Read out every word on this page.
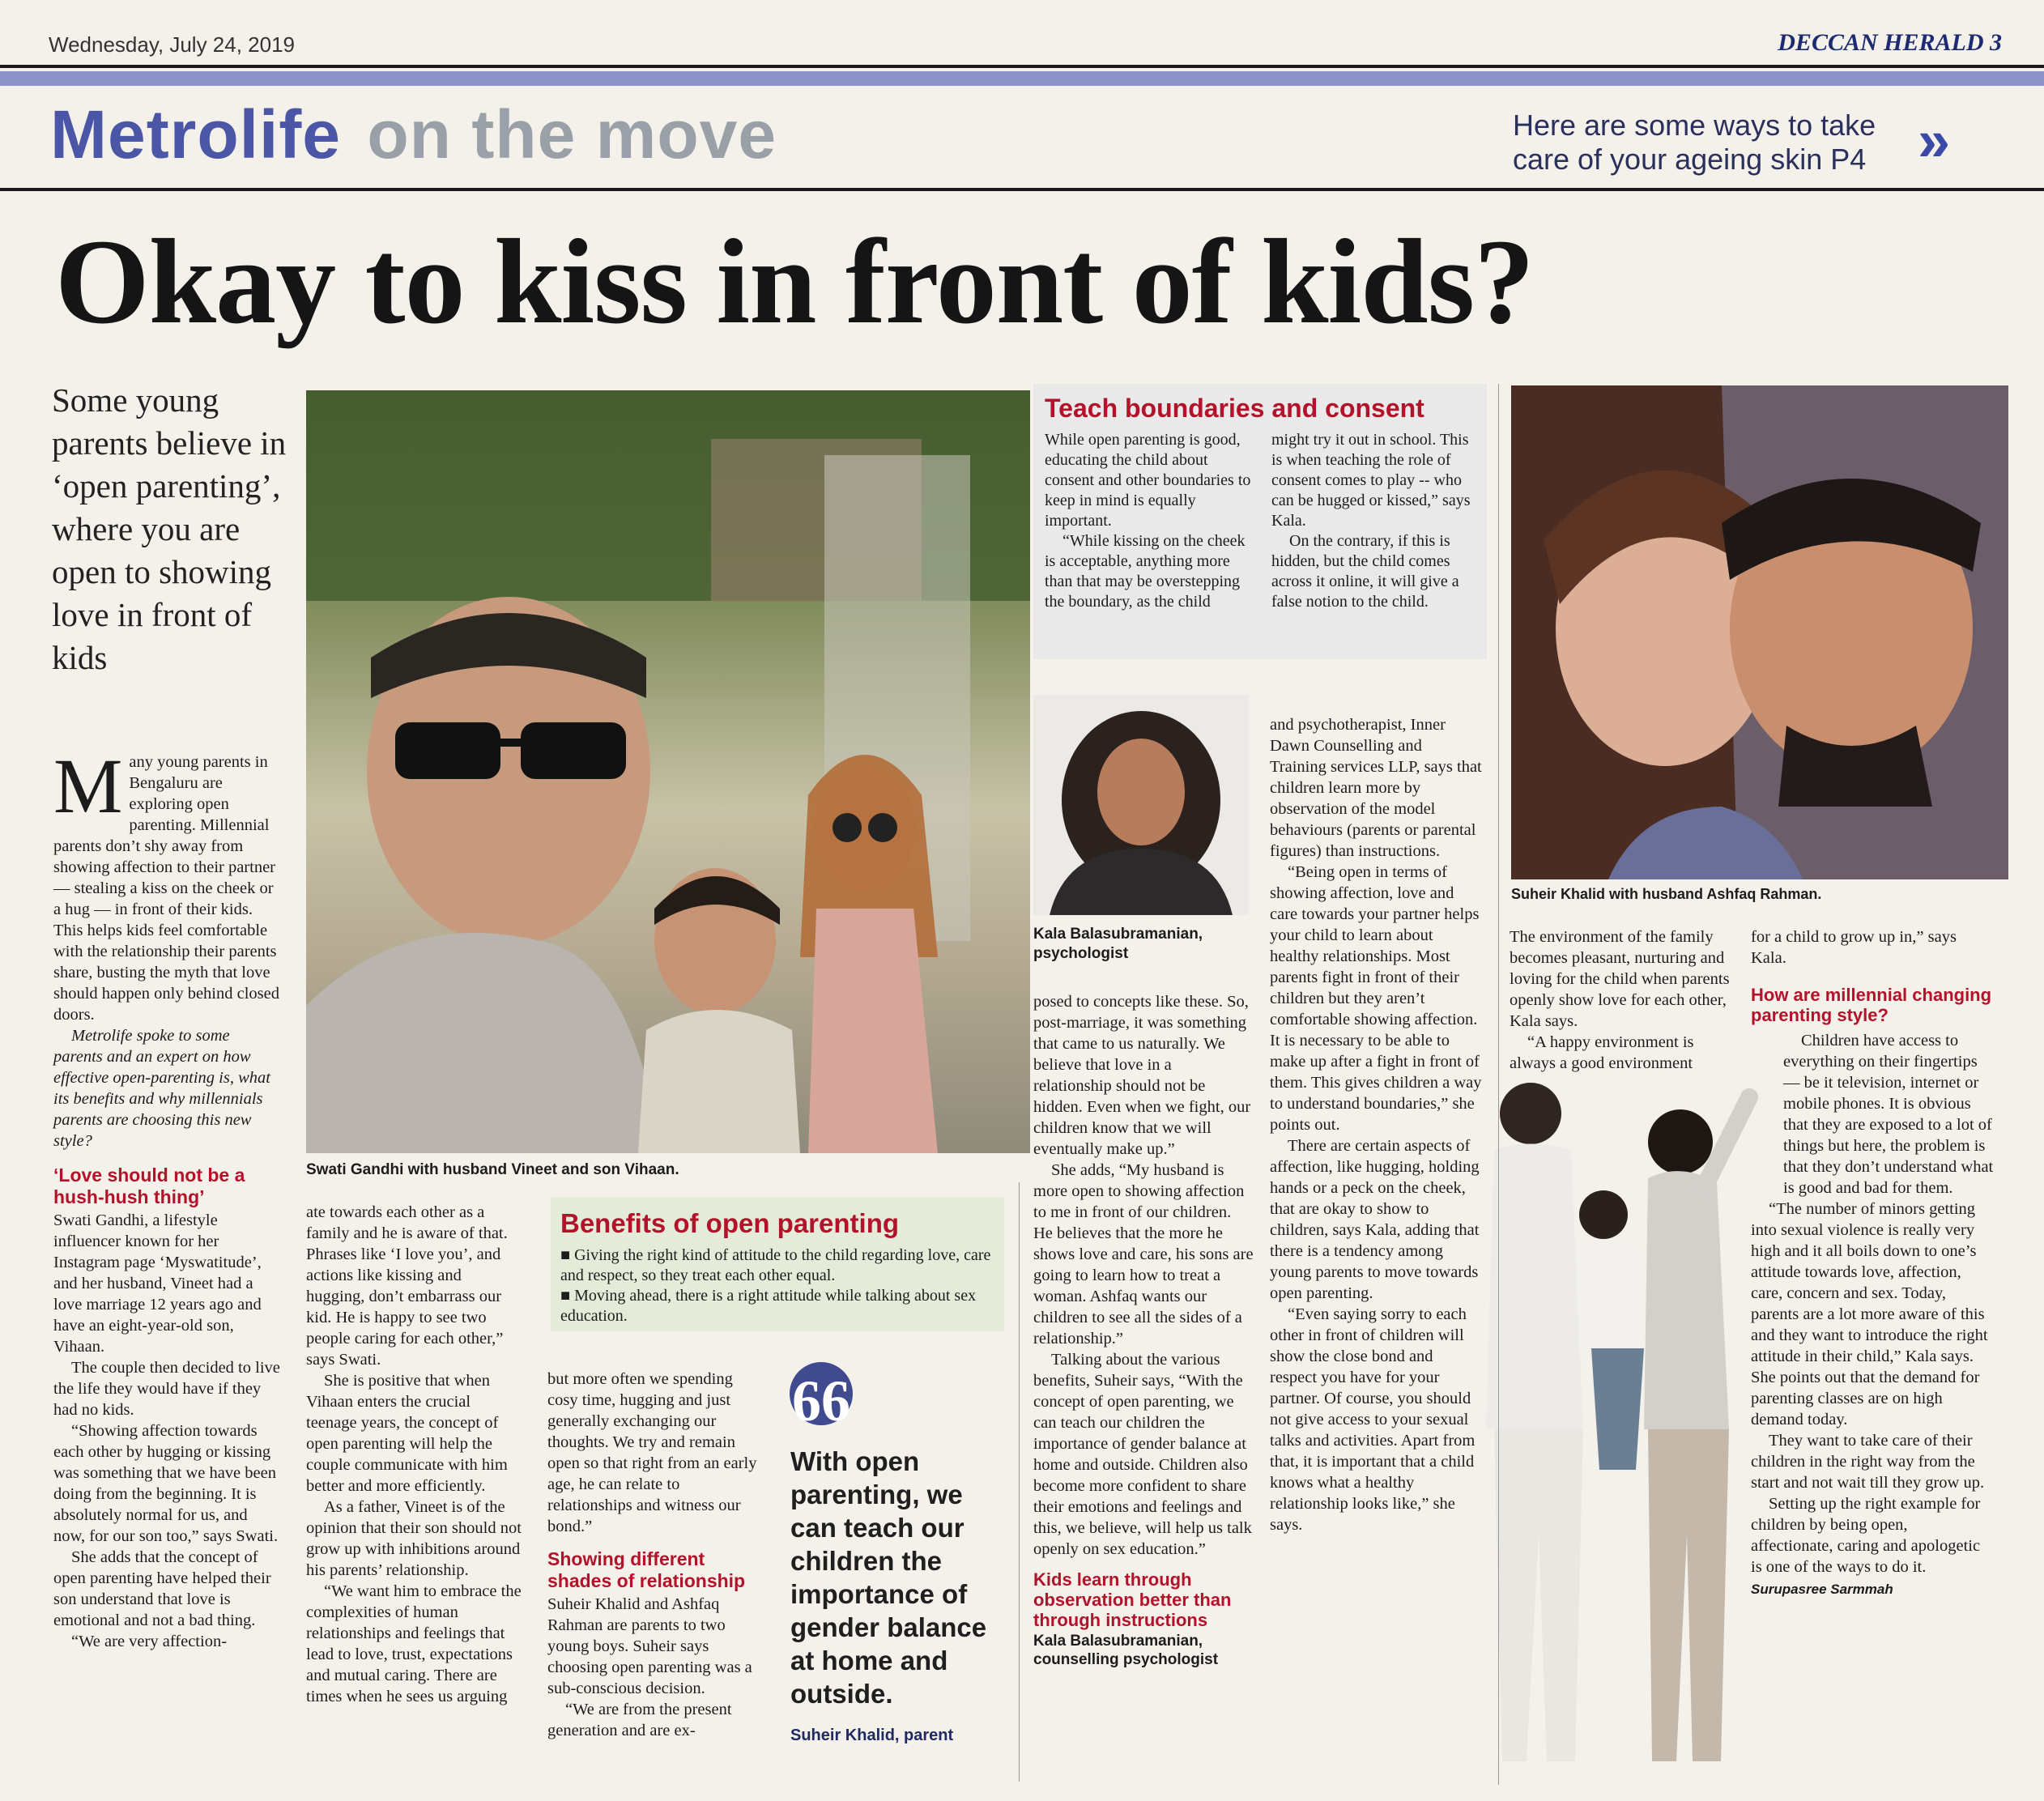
Wednesday, July 24, 2019	DECCAN HERALD 3
Metrolife on the move	Here are some ways to take care of your ageing skin P4 »
Okay to kiss in front of kids?
Some young parents believe in ‘open parenting’, where you are open to showing love in front of kids

Many young parents in Bengaluru are exploring open parenting. Millennial parents don’t shy away from showing affection to their partner — stealing a kiss on the cheek or a hug — in front of their kids. This helps kids feel comfortable with the relationship their parents share, busting the myth that love should happen only behind closed doors.

Metrolife spoke to some parents and an expert on how effective open-parenting is, what its benefits and why millennials parents are choosing this new style?

‘Love should not be a hush-hush thing’

Swati Gandhi, a lifestyle influencer known for her Instagram page ‘Myswatitude’, and her husband, Vineet had a love marriage 12 years ago and have an eight-year-old son, Vihaan.

The couple then decided to live the life they would have if they had no kids.

“Showing affection towards each other by hugging or kissing was something that we have been doing from the beginning. It is absolutely normal for us, and now, for our son too,” says Swati.

She adds that the concept of open parenting have helped their son understand that love is emotional and not a bad thing.

“We are very affection-

Swati Gandhi with husband Vineet and son Vihaan.

ate towards each other as a family and he is aware of that. Phrases like ‘I love you’, and actions like kissing and hugging, don’t embarrass our kid. He is happy to see two people caring for each other,” says Swati.

She is positive that when Vihaan enters the crucial teenage years, the concept of open parenting will help the couple communicate with him better and more efficiently.

As a father, Vineet is of the opinion that their son should not grow up with inhibitions around his parents’ relationship.

“We want him to embrace the complexities of human relationships and feelings that lead to love, trust, expectations and mutual caring. There are times when he sees us arguing

Benefits of open parenting
■ Giving the right kind of attitude to the child regarding love, care and respect, so they treat each other equal.
■ Moving ahead, there is a right attitude while talking about sex education.

but more often we spending cosy time, hugging and just generally exchanging our thoughts. We try and remain open so that right from an early age, he can relate to relationships and witness our bond.”

Showing different shades of relationship

Suheir Khalid and Ashfaq Rahman are parents to two young boys. Suheir says choosing open parenting was a sub-conscious decision.

“We are from the present generation and are ex-

66
With open parenting, we can teach our children the importance of gender balance at home and outside.
Suheir Khalid, parent
Teach boundaries and consent

While open parenting is good, educating the child about consent and other boundaries to keep in mind is equally important.

“While kissing on the cheek is acceptable, anything more than that may be overstepping the boundary, as the child

might try it out in school. This is when teaching the role of consent comes to play -- who can be hugged or kissed,” says Kala.

On the contrary, if this is hidden, but the child comes across it online, it will give a false notion to the child.

Kala Balasubramanian, psychologist

posed to concepts like these. So, post-marriage, it was something that came to us naturally. We believe that love in a relationship should not be hidden. Even when we fight, our children know that we will eventually make up.”

She adds, “My husband is more open to showing affection to me in front of our children. He believes that the more he shows love and care, his sons are going to learn how to treat a woman. Ashfaq wants our children to see all the sides of a relationship.”

Talking about the various benefits, Suheir says, “With the concept of open parenting, we can teach our children the importance of gender balance at home and outside. Children also become more confident to share their emotions and feelings and this, we believe, will help us talk openly on sex education.”

Kids learn through observation better than through instructions

Kala Balasubramanian, counselling psychologist

and psychotherapist, Inner Dawn Counselling and Training services LLP, says that children learn more by observation of the model behaviours (parents or parental figures) than instructions.

“Being open in terms of showing affection, love and care towards your partner helps your child to learn about healthy relationships. Most parents fight in front of their children but they aren’t comfortable showing affection. It is necessary to be able to make up after a fight in front of them. This gives children a way to understand boundaries,” she points out.

There are certain aspects of affection, like hugging, holding hands or a peck on the cheek, that are okay to show to children, says Kala, adding that there is a tendency among young parents to move towards open parenting.

“Even saying sorry to each other in front of children will show the close bond and respect you have for your partner. Of course, you should not give access to your sexual talks and activities. Apart from that, it is important that a child knows what a healthy relationship looks like,” she says.

Suheir Khalid with husband Ashfaq Rahman.

The environment of the family becomes pleasant, nurturing and loving for the child when parents openly show love for each other, Kala says.

“A happy environment is always a good environment

for a child to grow up in,” says Kala.

How are millennial changing parenting style?

Children have access to everything on their fingertips — be it television, internet or mobile phones. It is obvious that they are exposed to a lot of things but here, the problem is that they don’t understand what is good and bad for them.

“The number of minors getting into sexual violence is really very high and it all boils down to one’s attitude towards love, affection, care, concern and sex. Today, parents are a lot more aware of this and they want to introduce the right attitude in their child,” Kala says. She points out that the demand for parenting classes are on high demand today.

They want to take care of their children in the right way from the start and not wait till they grow up.

Setting up the right example for children by being open, affectionate, caring and apologetic is one of the ways to do it.

Surupasree Sarmmah
